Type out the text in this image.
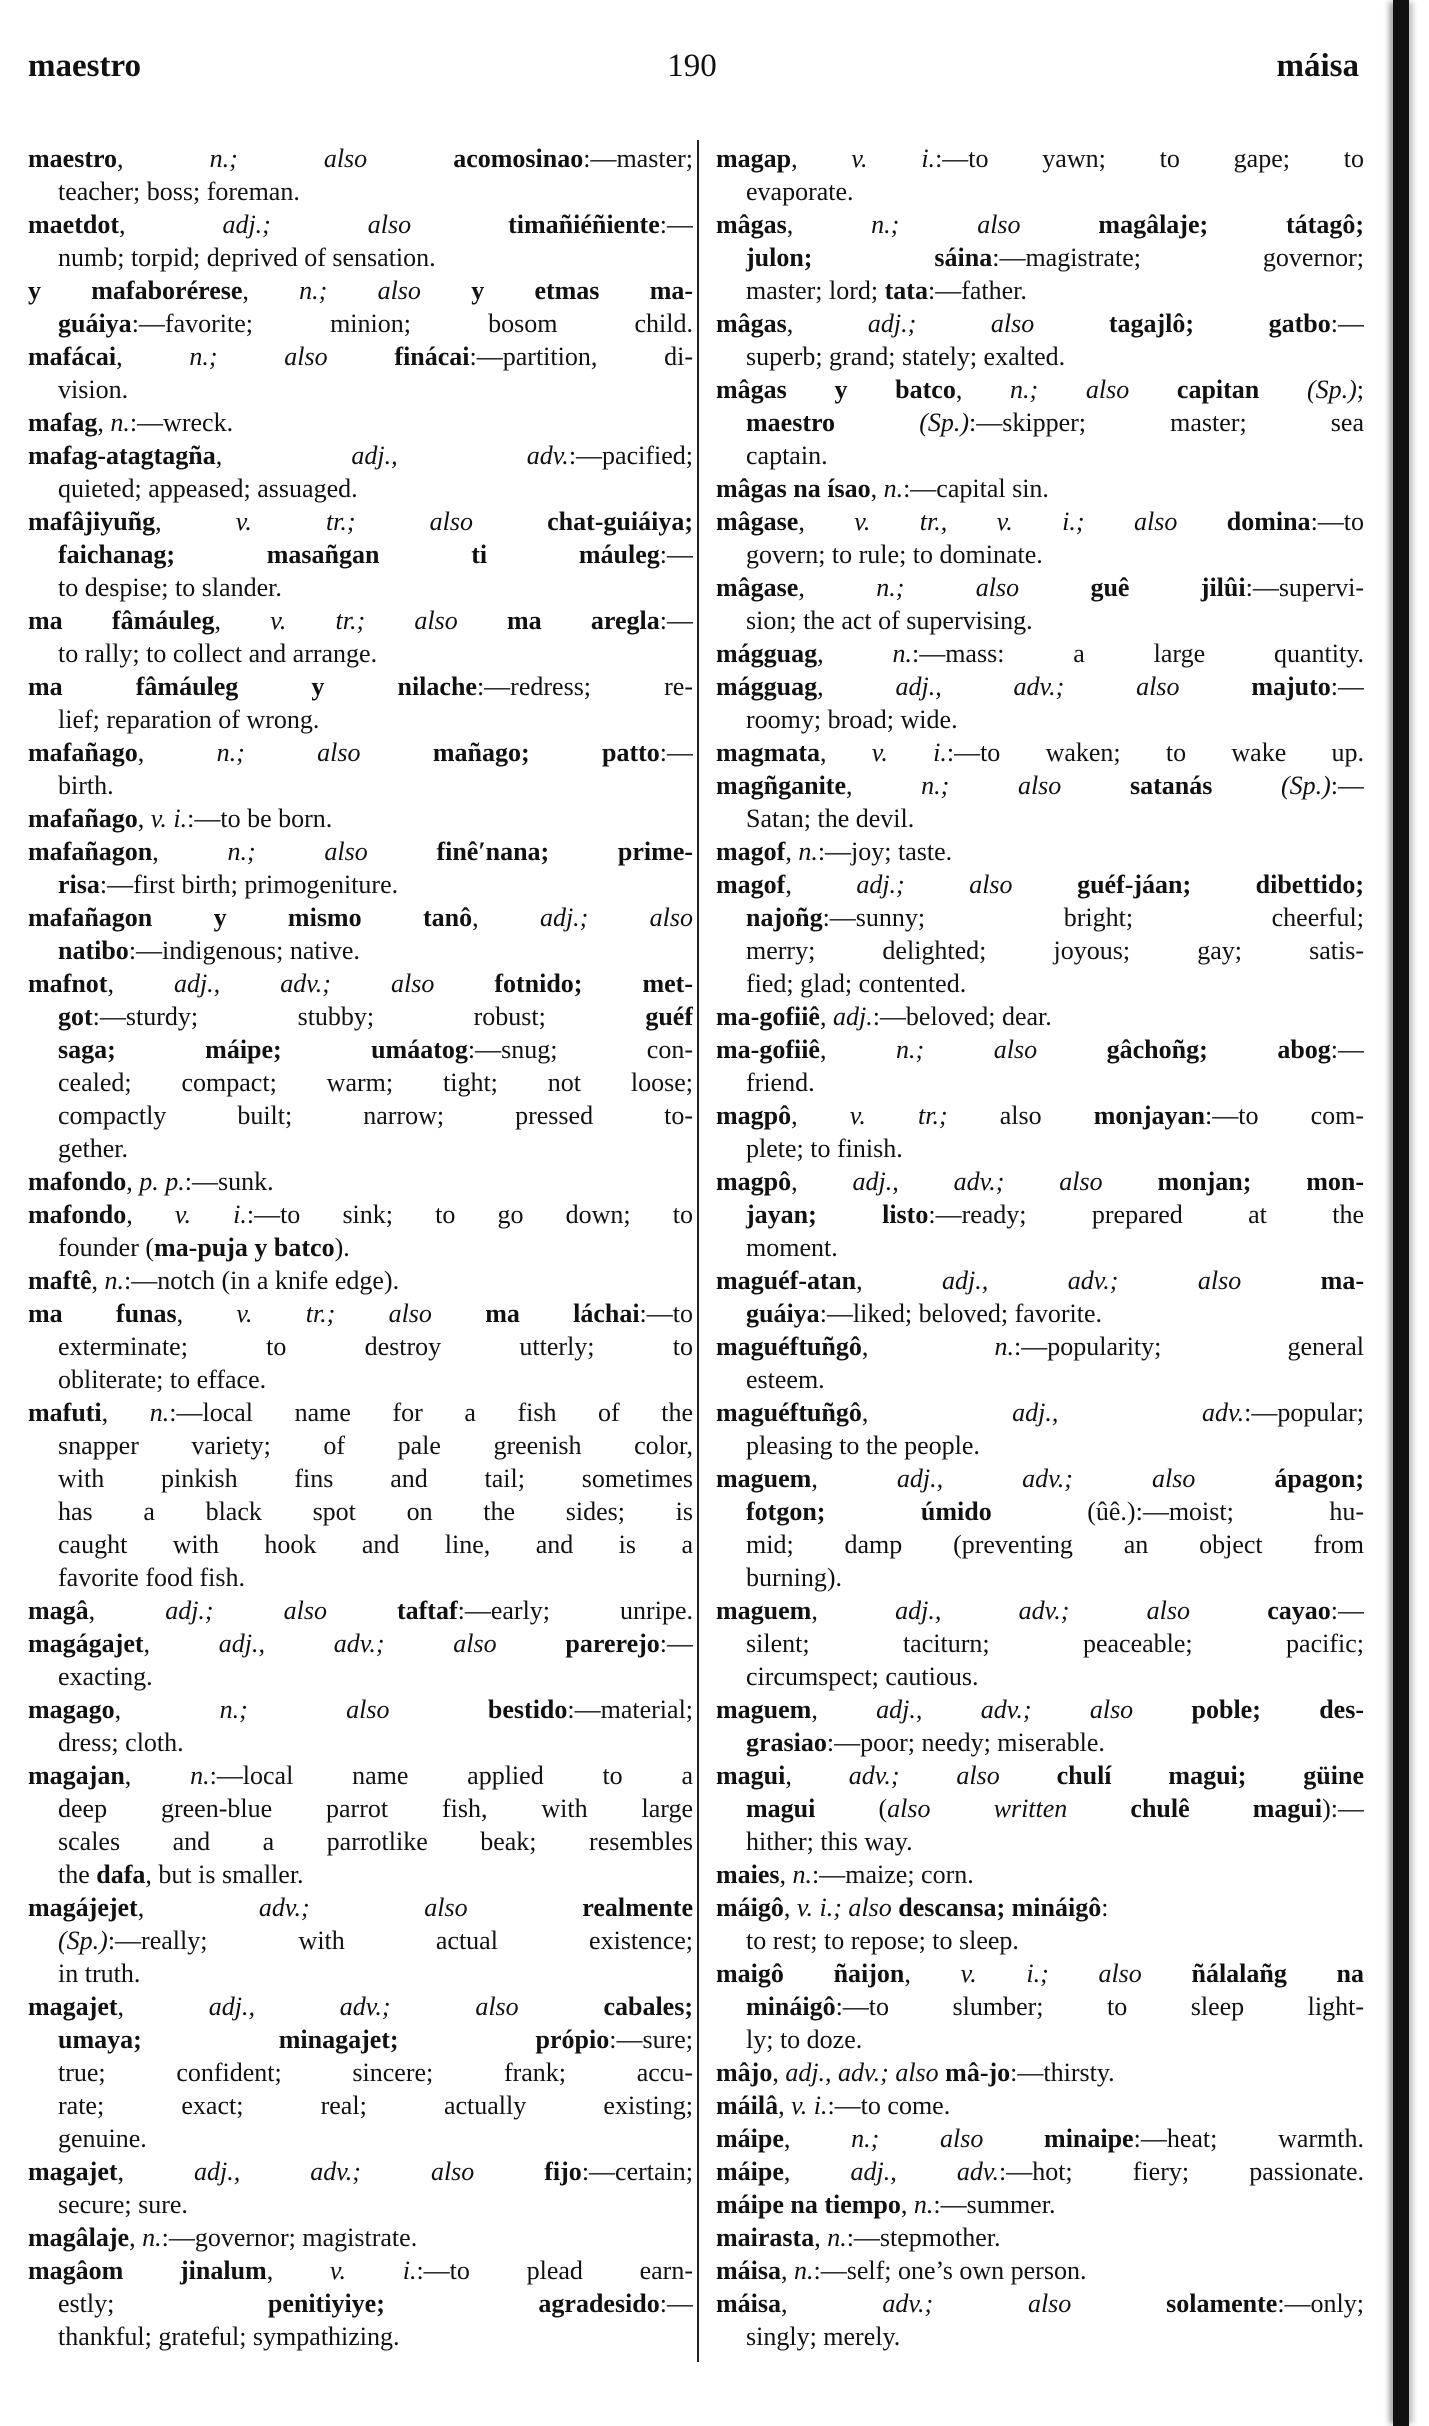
maestro	190	máisa
maestro, n.; also acomosinao:—master;
teacher; boss; foreman.
maetdot, adj.; also timañiéñiente:—
numb; torpid; deprived of sensation.
y mafaborérese, n.; also y etmas ma-
guáiya:—favorite; minion; bosom child.
mafácai, n.; also finácai:—partition, di-
vision.
mafag, n.:—wreck.
mafag-atagtagña, adj., adv.:—pacified;
quieted; appeased; assuaged.
mafâjiyuñg, v. tr.; also chat-guiáiya;
faichanag; masañgan ti máuleg:—
to despise; to slander.
ma fâmáuleg, v. tr.; also ma aregla:—
to rally; to collect and arrange.
ma fâmáuleg y nilache:—redress; re-
lief; reparation of wrong.
mafañago, n.; also mañago; patto:—
birth.
mafañago, v. i.:—to be born.
mafañagon, n.; also finê′nana; prime-
risa:—first birth; primogeniture.
mafañagon y mismo tanô, adj.; also
natibo:—indigenous; native.
mafnot, adj., adv.; also fotnido; met-
got:—sturdy; stubby; robust; guéf
saga; máipe; umáatog:—snug; con-
cealed; compact; warm; tight; not loose;
compactly built; narrow; pressed to-
gether.
mafondo, p. p.:—sunk.
mafondo, v. i.:—to sink; to go down; to
founder (ma-puja y batco).
maftê, n.:—notch (in a knife edge).
ma funas, v. tr.; also ma láchai:—to
exterminate; to destroy utterly; to
obliterate; to efface.
mafuti, n.:—local name for a fish of the
snapper variety; of pale greenish color,
with pinkish fins and tail; sometimes
has a black spot on the sides; is
caught with hook and line, and is a
favorite food fish.
magâ, adj.; also taftaf:—early; unripe.
magágajet, adj., adv.; also parerejo:—
exacting.
magago, n.; also bestido:—material;
dress; cloth.
magajan, n.:—local name applied to a
deep green-blue parrot fish, with large
scales and a parrotlike beak; resembles
the dafa, but is smaller.
magájejet, adv.; also realmente
(Sp.):—really; with actual existence;
in truth.
magajet, adj., adv.; also cabales;
umaya; minagajet; própio:—sure;
true; confident; sincere; frank; accu-
rate; exact; real; actually existing;
genuine.
magajet, adj., adv.; also fijo:—certain;
secure; sure.
magâlaje, n.:—governor; magistrate.
magâom jinalum, v. i.:—to plead earn-
estly; penitiyiye; agradesido:—
thankful; grateful; sympathizing.
magap, v. i.:—to yawn; to gape; to
evaporate.
mâgas, n.; also magâlaje; tátagô;
julon; sáina:—magistrate; governor;
master; lord; tata:—father.
mâgas, adj.; also tagajlô; gatbo:—
superb; grand; stately; exalted.
mâgas y batco, n.; also capitan (Sp.);
maestro (Sp.):—skipper; master; sea
captain.
mâgas na ísao, n.:—capital sin.
mâgase, v. tr., v. i.; also domina:—to
govern; to rule; to dominate.
mâgase, n.; also guê jilûi:—supervi-
sion; the act of supervising.
mágguag, n.:—mass: a large quantity.
mágguag, adj., adv.; also majuto:—
roomy; broad; wide.
magmata, v. i.:—to waken; to wake up.
magñganite, n.; also satanás (Sp.):—
Satan; the devil.
magof, n.:—joy; taste.
magof, adj.; also guéf-jáan; dibettido;
najoñg:—sunny; bright; cheerful;
merry; delighted; joyous; gay; satis-
fied; glad; contented.
ma-gofiiê, adj.:—beloved; dear.
ma-gofiiê, n.; also gâchoñg; abog:—
friend.
magpô, v. tr.; also monjayan:—to com-
plete; to finish.
magpô, adj., adv.; also monjan; mon-
jayan; listo:—ready; prepared at the
moment.
maguéf-atan, adj., adv.; also ma-
guáiya:—liked; beloved; favorite.
maguéftuñgô, n.:—popularity; general
esteem.
maguéftuñgô, adj., adv.:—popular;
pleasing to the people.
maguem, adj., adv.; also ápagon;
fotgon; úmido (ûê.):—moist; hu-
mid; damp (preventing an object from
burning).
maguem, adj., adv.; also cayao:—
silent; taciturn; peaceable; pacific;
circumspect; cautious.
maguem, adj., adv.; also poble; des-
grasiao:—poor; needy; miserable.
magui, adv.; also chulí magui; güine
magui (also written chulê magui):—
hither; this way.
maies, n.:—maize; corn.
máigô, v. i.; also descansa; mináigô:
to rest; to repose; to sleep.
maigô ñaijon, v. i.; also ñálalañg na
mináigô:—to slumber; to sleep light-
ly; to doze.
mâjo, adj., adv.; also mâ-jo:—thirsty.
máilâ, v. i.:—to come.
máipe, n.; also minaipe:—heat; warmth.
máipe, adj., adv.:—hot; fiery; passionate.
máipe na tiempo, n.:—summer.
mairasta, n.:—stepmother.
máisa, n.:—self; one’s own person.
máisa, adv.; also solamente:—only;
singly; merely.
